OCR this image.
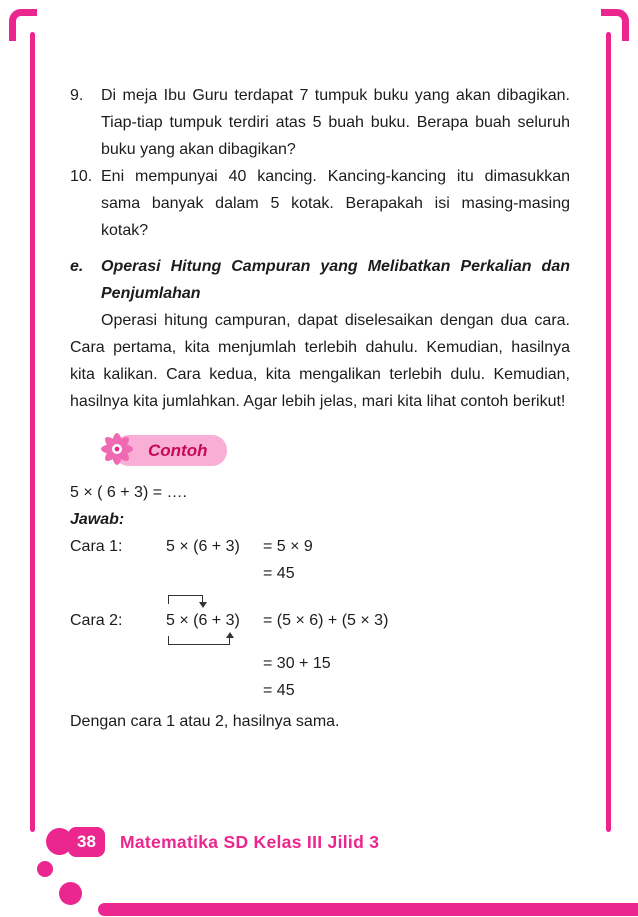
9.	Di meja Ibu Guru terdapat 7 tumpuk buku yang akan dibagikan. Tiap-tiap tumpuk terdiri atas 5 buah buku. Berapa buah seluruh buku yang akan dibagikan?
10. Eni mempunyai 40 kancing. Kancing-kancing itu dimasukkan sama banyak dalam 5 kotak. Berapakah isi masing-masing kotak?
e.	Operasi Hitung Campuran yang Melibatkan Perkalian dan Penjumlahan
Operasi hitung campuran, dapat diselesaikan dengan dua cara. Cara pertama, kita menjumlah terlebih dahulu. Kemudian, hasilnya kita kalikan. Cara kedua, kita mengalikan terlebih dulu. Kemudian, hasilnya kita jumlahkan. Agar lebih jelas, mari kita lihat contoh berikut!
Contoh
5 × ( 6 + 3) = ….
Jawab:
Cara 1:	5 × (6 + 3)	= 5 × 9
= 45
Cara 2:	5 × (6 + 3)	= (5 × 6) + (5 × 3)
= 30 + 15
= 45
Dengan cara 1 atau 2, hasilnya sama.
38	Matematika SD Kelas III Jilid 3
